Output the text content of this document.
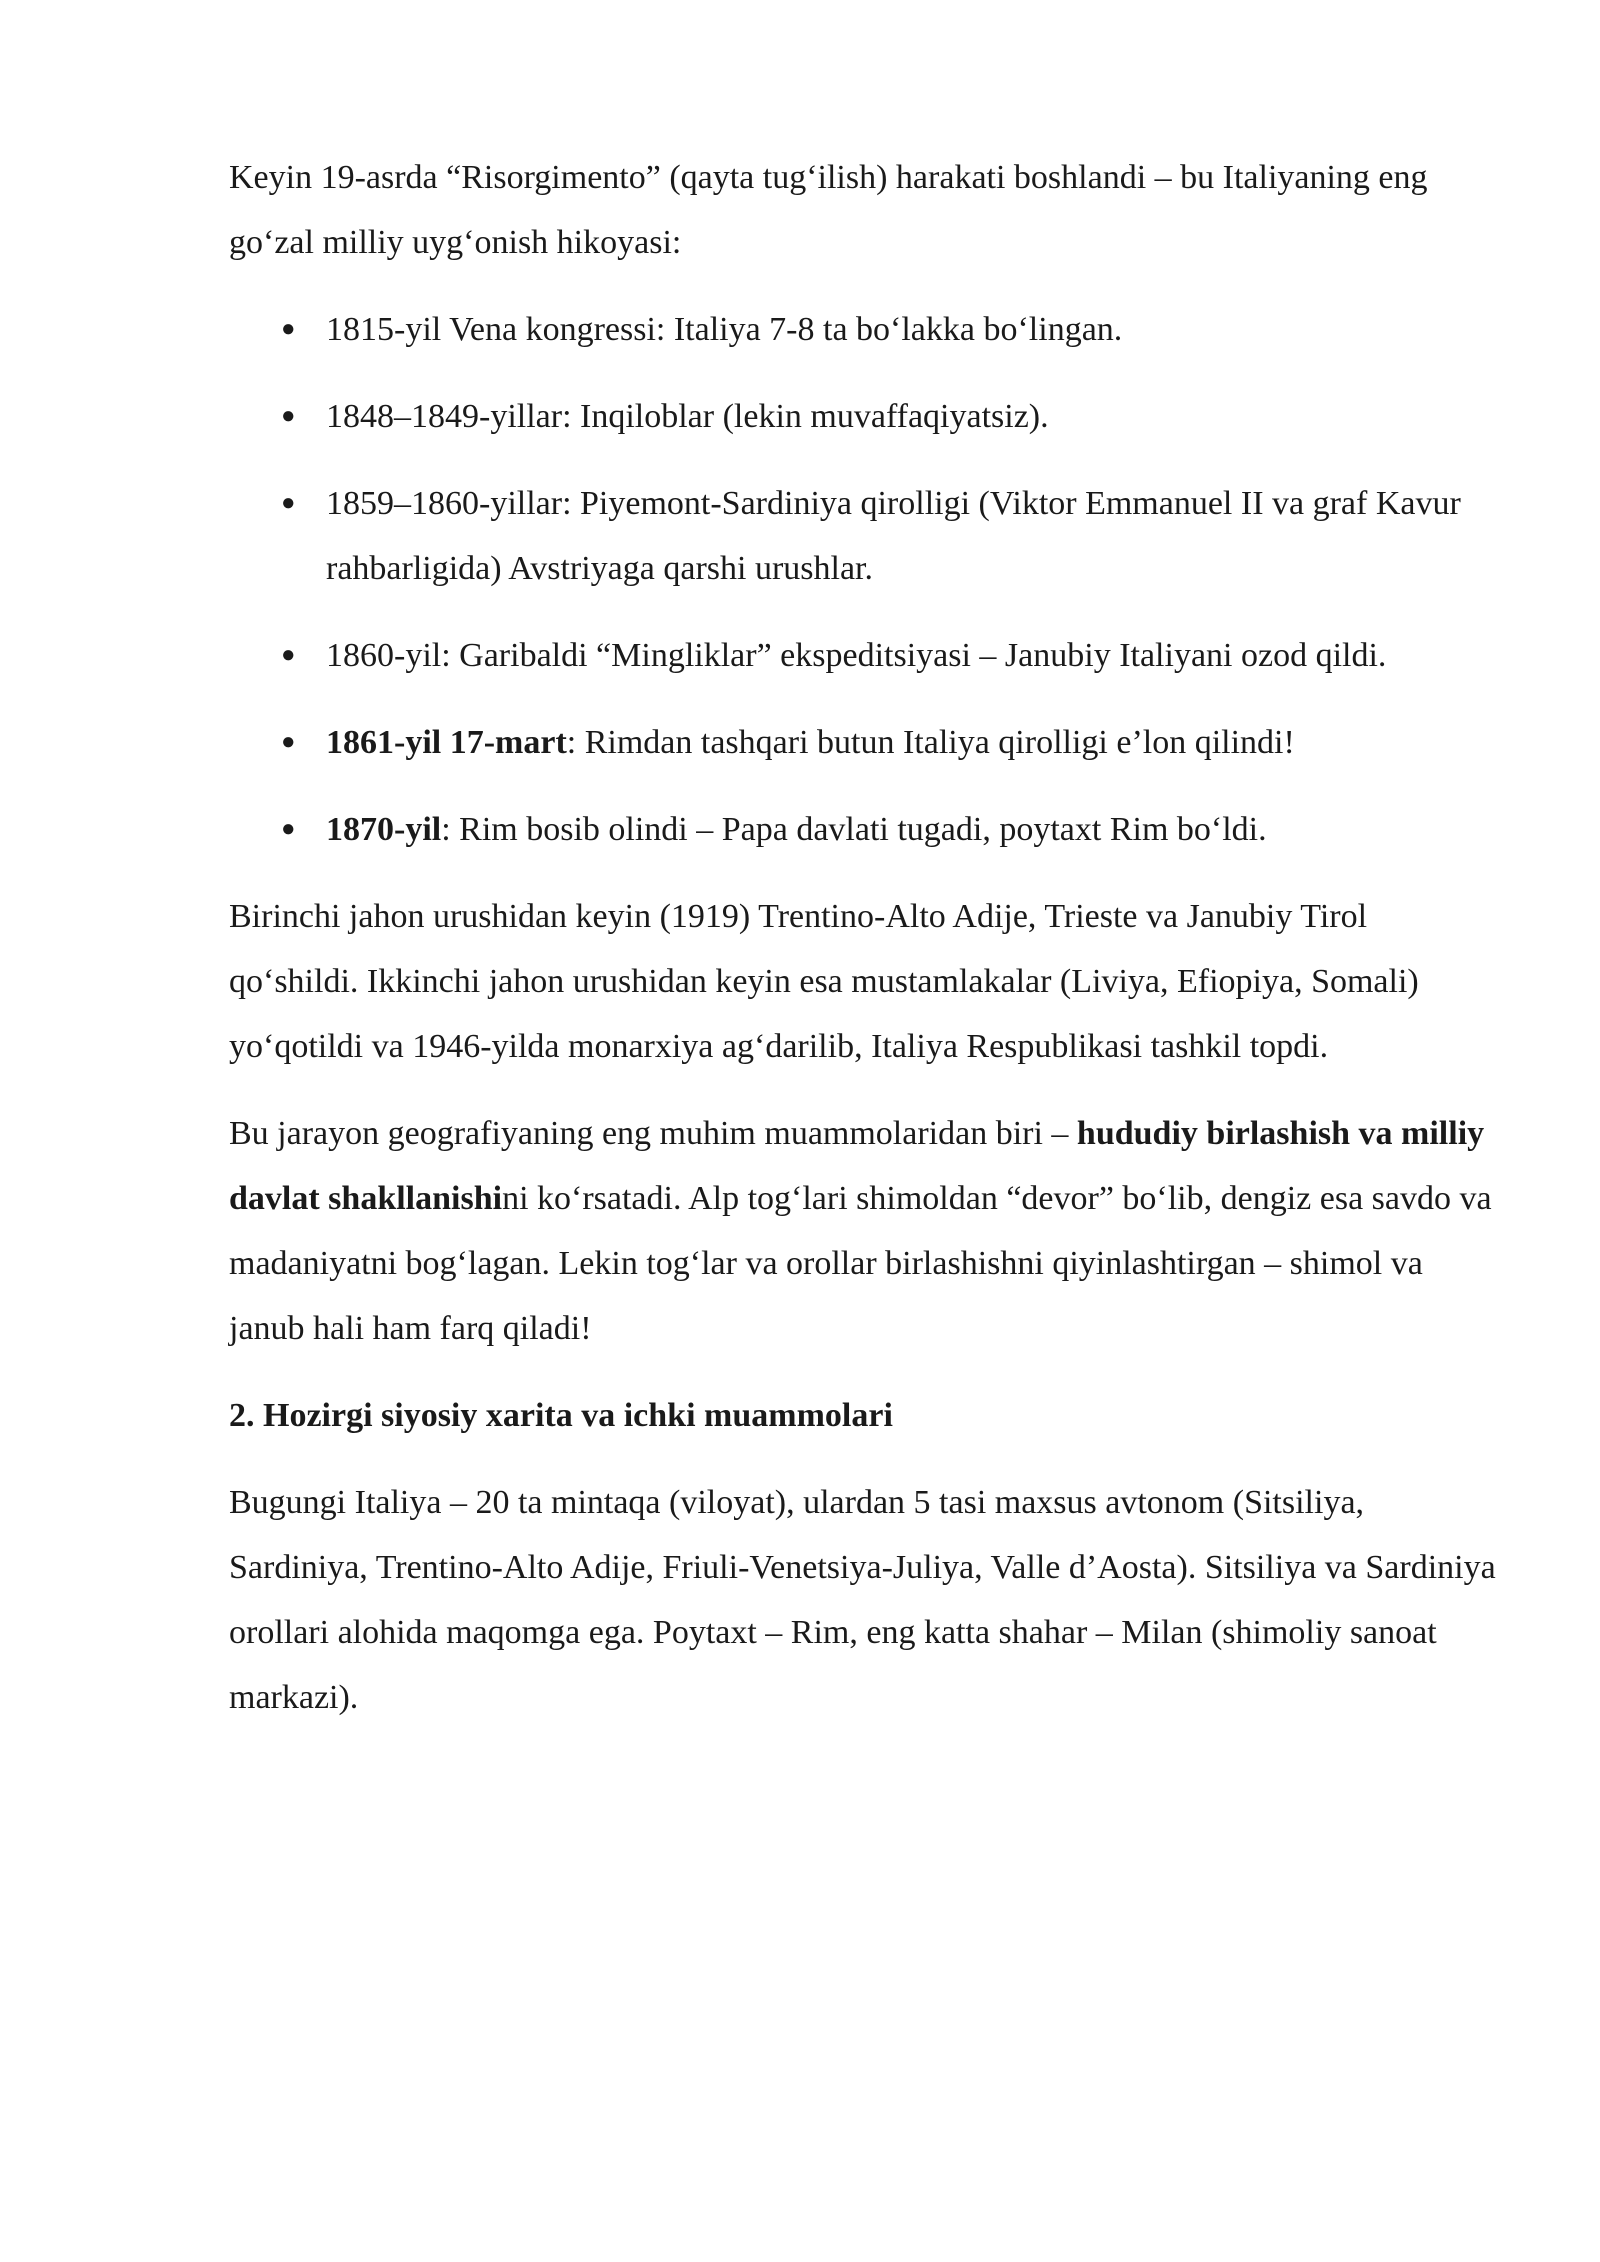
Keyin 19-asrda “Risorgimento” (qayta tug‘ilish) harakati boshlandi – bu Italiyaning eng go‘zal milliy uyg‘onish hikoyasi:

● 1815-yil Vena kongressi: Italiya 7-8 ta bo‘lakka bo‘lingan.
● 1848–1849-yillar: Inqiloblar (lekin muvaffaqiyatsiz).
● 1859–1860-yillar: Piyemont-Sardiniya qirolligi (Viktor Emmanuel II va graf Kavur rahbarligida) Avstriyaga qarshi urushlar.
● 1860-yil: Garibaldi “Mingliklar” ekspeditsiyasi – Janubiy Italiyani ozod qildi.
● 1861-yil 17-mart: Rimdan tashqari butun Italiya qirolligi e’lon qilindi!
● 1870-yil: Rim bosib olindi – Papa davlati tugadi, poytaxt Rim bo‘ldi.

Birinchi jahon urushidan keyin (1919) Trentino-Alto Adije, Trieste va Janubiy Tirol qo‘shildi. Ikkinchi jahon urushidan keyin esa mustamlakalar (Liviya, Efiopiya, Somali) yo‘qotildi va 1946-yilda monarxiya ag‘darilib, Italiya Respublikasi tashkil topdi.

Bu jarayon geografiyaning eng muhim muammolaridan biri – hududiy birlashish va milliy davlat shakllanishini ko‘rsatadi. Alp tog‘lari shimoldan “devor” bo‘lib, dengiz esa savdo va madaniyatni bog‘lagan. Lekin tog‘lar va orollar birlashishni qiyinlashtirgan – shimol va janub hali ham farq qiladi!

2. Hozirgi siyosiy xarita va ichki muammolari

Bugungi Italiya – 20 ta mintaqa (viloyat), ulardan 5 tasi maxsus avtonom (Sitsiliya, Sardiniya, Trentino-Alto Adije, Friuli-Venetsiya-Juliya, Valle d’Aosta). Sitsiliya va Sardiniya orollari alohida maqomga ega. Poytaxt – Rim, eng katta shahar – Milan (shimoliy sanoat markazi).
